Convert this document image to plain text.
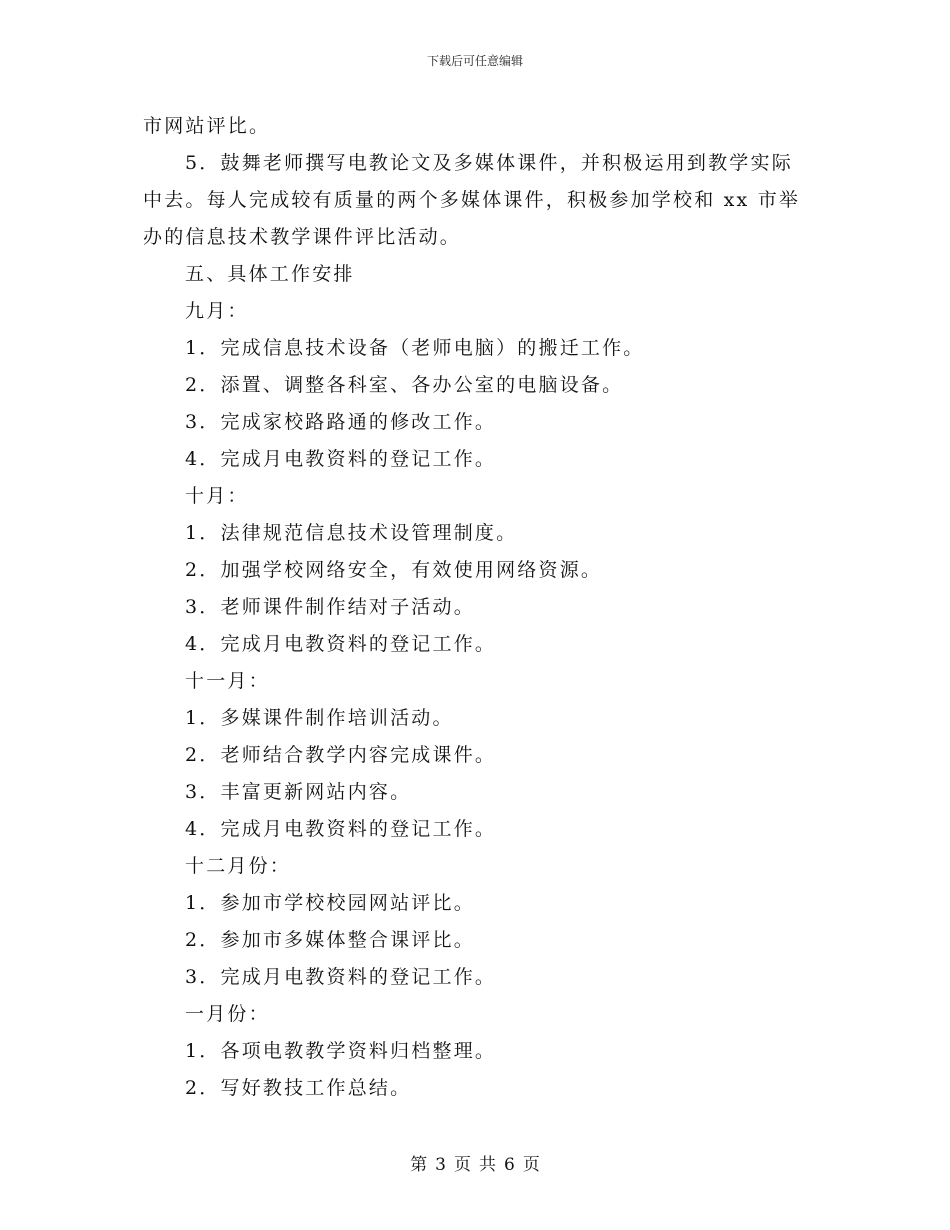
下载后可任意编辑
市网站评比。
5．鼓舞老师撰写电教论文及多媒体课件，并积极运用到教学实际
中去。每人完成较有质量的两个多媒体课件，积极参加学校和 xx 市举
办的信息技术教学课件评比活动。
五、具体工作安排
九月：
1．完成信息技术设备（老师电脑）的搬迁工作。
2．添置、调整各科室、各办公室的电脑设备。
3．完成家校路路通的修改工作。
4．完成月电教资料的登记工作。
十月：
1．法律规范信息技术设管理制度。
2．加强学校网络安全，有效使用网络资源。
3．老师课件制作结对子活动。
4．完成月电教资料的登记工作。
十一月：
1．多媒课件制作培训活动。
2．老师结合教学内容完成课件。
3．丰富更新网站内容。
4．完成月电教资料的登记工作。
十二月份：
1．参加市学校校园网站评比。
2．参加市多媒体整合课评比。
3．完成月电教资料的登记工作。
一月份：
1．各项电教教学资料归档整理。
2．写好教技工作总结。
第 3 页 共 6 页
